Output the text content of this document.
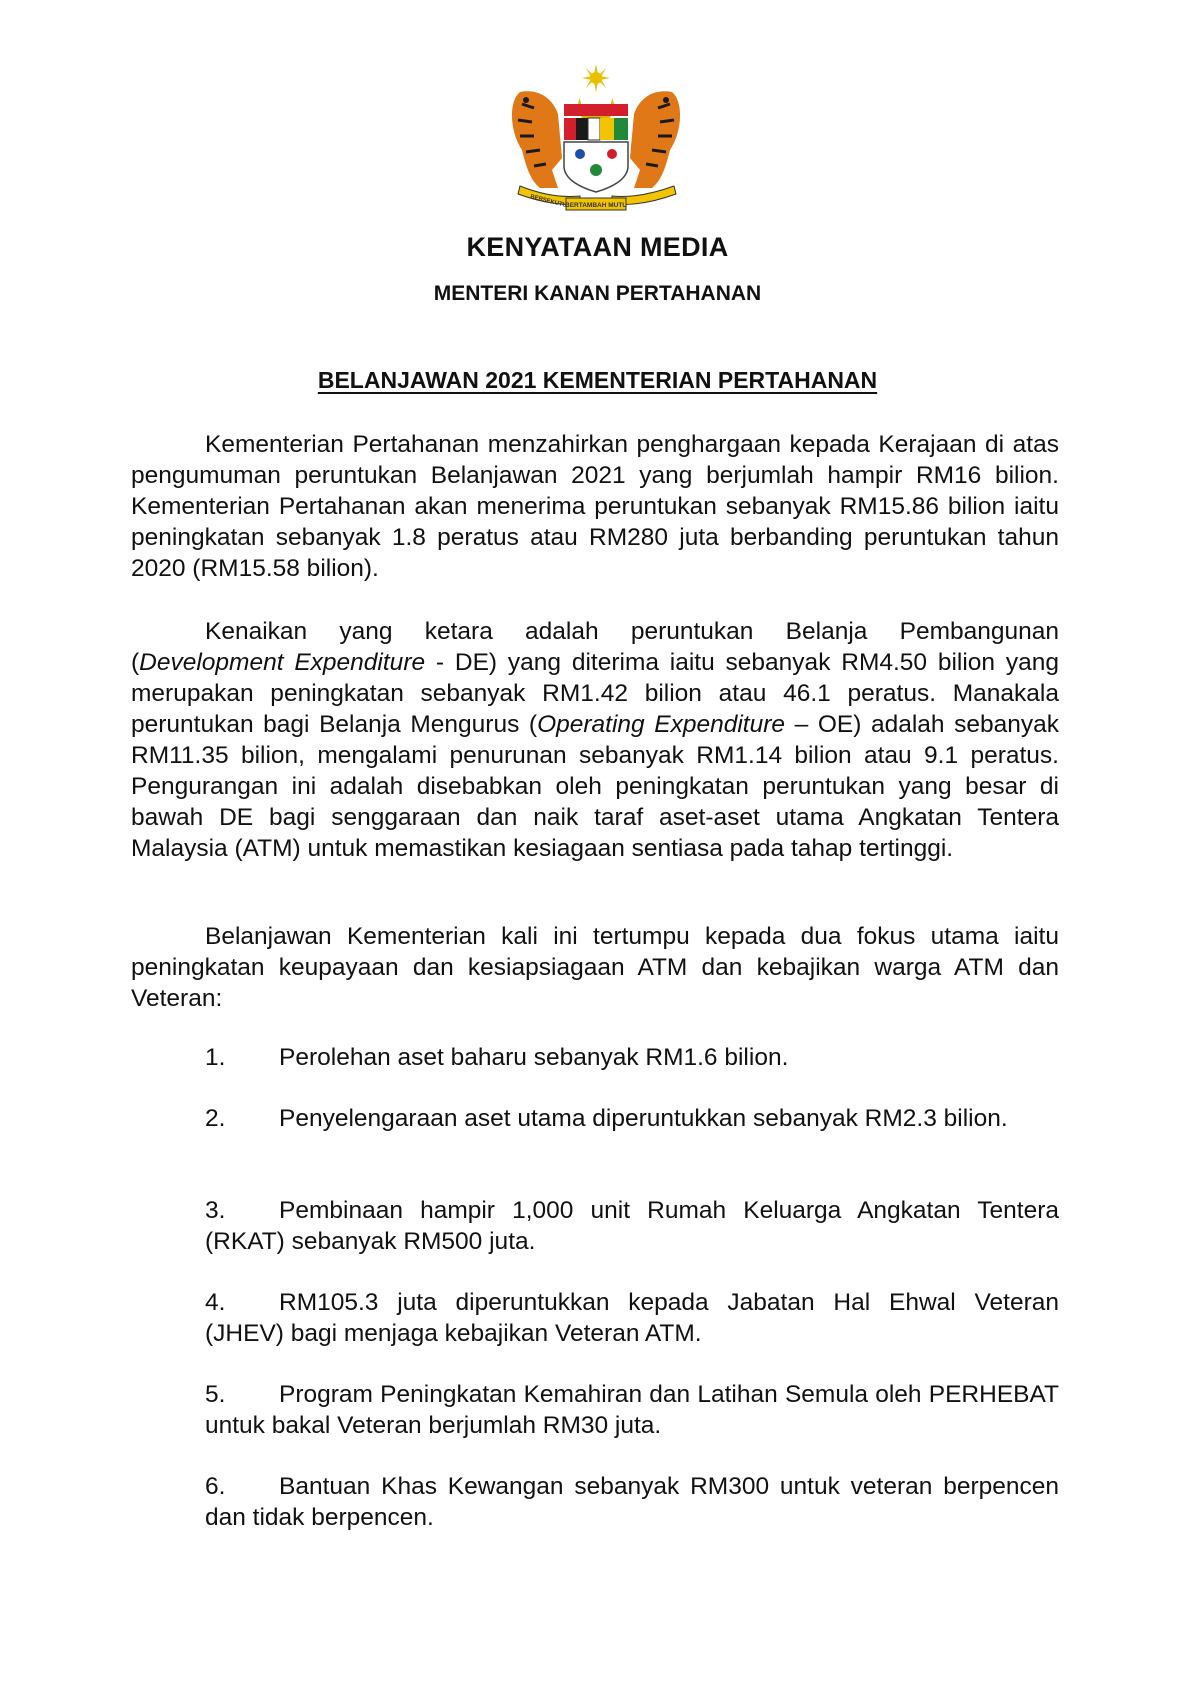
BERSEKUTU
BERTAMBAH MUTU
KENYATAAN MEDIA
MENTERI KANAN PERTAHANAN
BELANJAWAN 2021 KEMENTERIAN PERTAHANAN

Kementerian Pertahanan menzahirkan penghargaan kepada Kerajaan di atas pengumuman peruntukan Belanjawan 2021 yang berjumlah hampir RM16 bilion. Kementerian Pertahanan akan menerima peruntukan sebanyak RM15.86 bilion iaitu peningkatan sebanyak 1.8 peratus atau RM280 juta berbanding peruntukan tahun 2020 (RM15.58 bilion).

Kenaikan yang ketara adalah peruntukan Belanja Pembangunan (Development Expenditure - DE) yang diterima iaitu sebanyak RM4.50 bilion yang merupakan peningkatan sebanyak RM1.42 bilion atau 46.1 peratus. Manakala peruntukan bagi Belanja Mengurus (Operating Expenditure – OE) adalah sebanyak RM11.35 bilion, mengalami penurunan sebanyak RM1.14 bilion atau 9.1 peratus. Pengurangan ini adalah disebabkan oleh peningkatan peruntukan yang besar di bawah DE bagi senggaraan dan naik taraf aset-aset utama Angkatan Tentera Malaysia (ATM) untuk memastikan kesiagaan sentiasa pada tahap tertinggi.

Belanjawan Kementerian kali ini tertumpu kepada dua fokus utama iaitu peningkatan keupayaan dan kesiapsiagaan ATM dan kebajikan warga ATM dan Veteran:

1. Perolehan aset baharu sebanyak RM1.6 bilion.

2. Penyelengaraan aset utama diperuntukkan sebanyak RM2.3 bilion.

3. Pembinaan hampir 1,000 unit Rumah Keluarga Angkatan Tentera (RKAT) sebanyak RM500 juta.

4. RM105.3 juta diperuntukkan kepada Jabatan Hal Ehwal Veteran (JHEV) bagi menjaga kebajikan Veteran ATM.

5. Program Peningkatan Kemahiran dan Latihan Semula oleh PERHEBAT untuk bakal Veteran berjumlah RM30 juta.

6. Bantuan Khas Kewangan sebanyak RM300 untuk veteran berpencen dan tidak berpencen.
